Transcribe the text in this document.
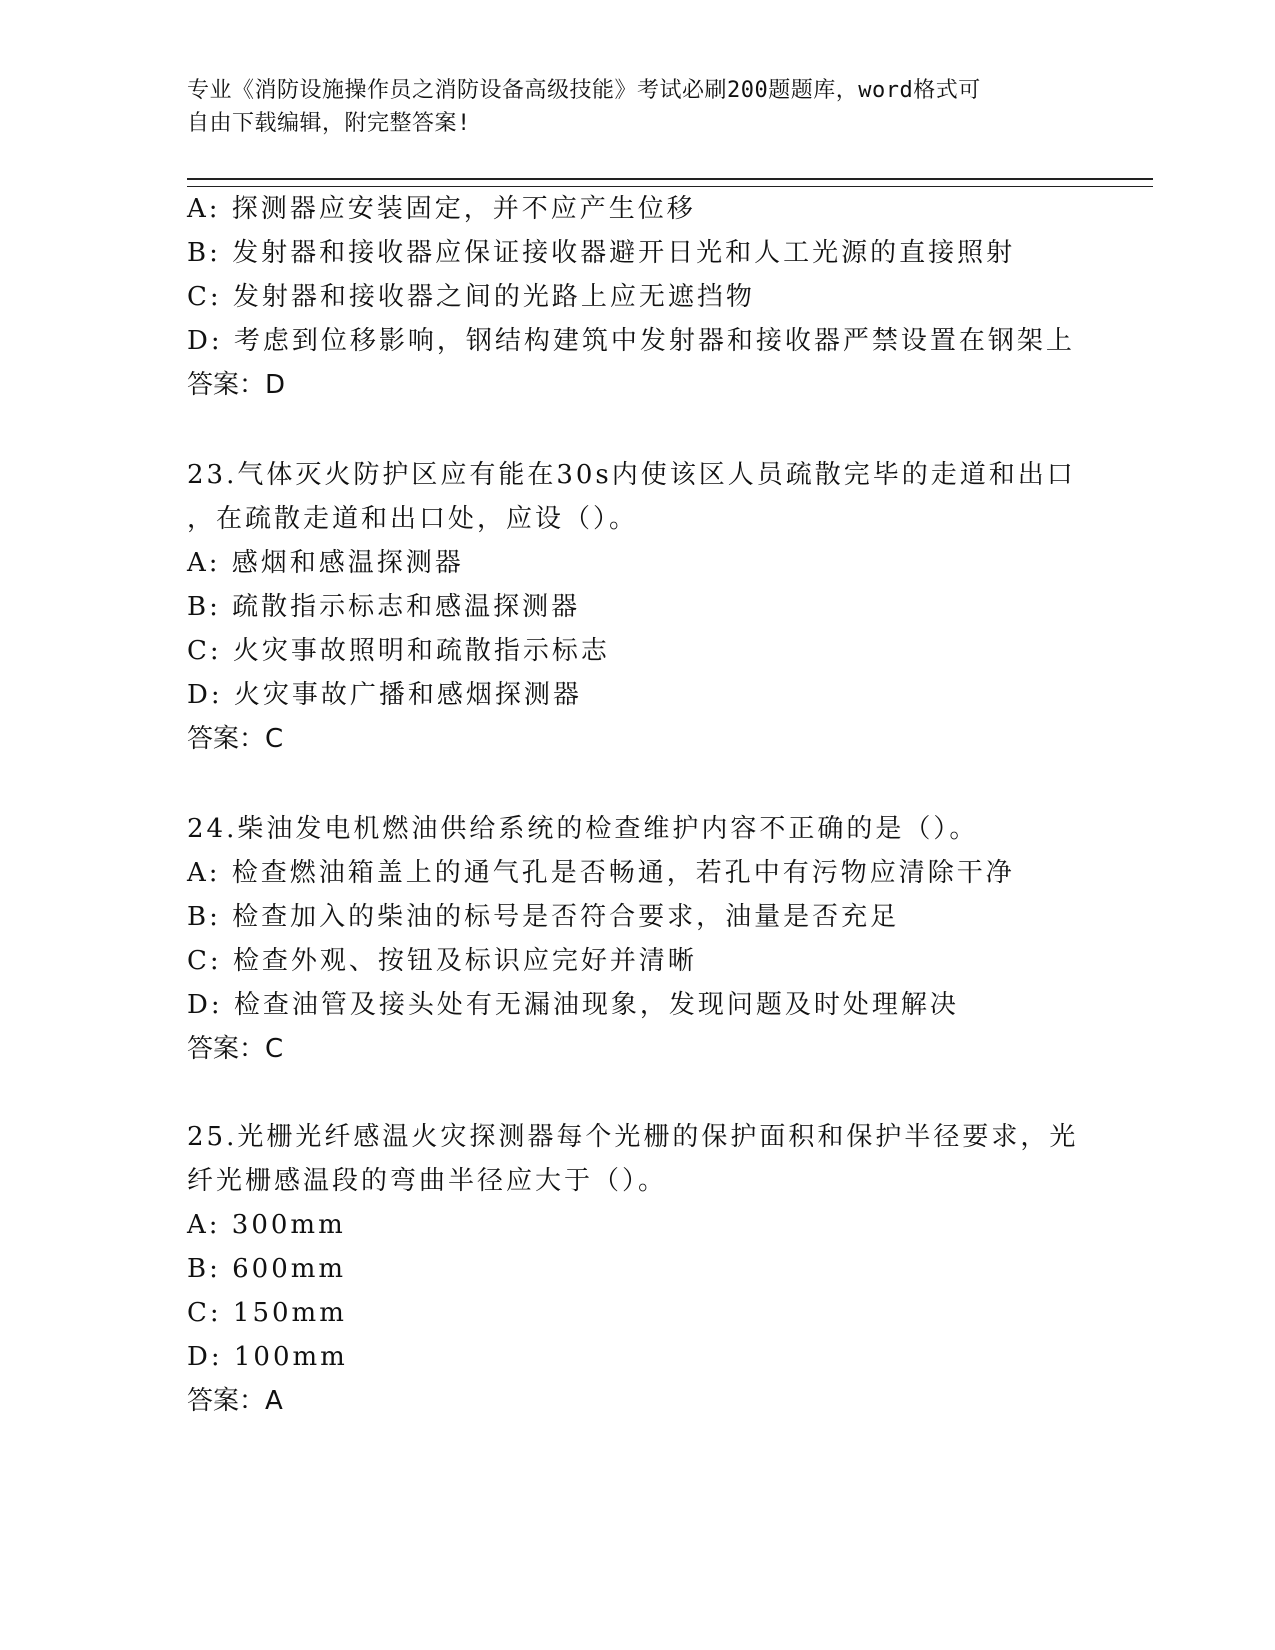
专业《消防设施操作员之消防设备高级技能》考试必刷200题题库，word格式可
自由下载编辑，附完整答案!
A: 探测器应安装固定，并不应产生位移
B: 发射器和接收器应保证接收器避开日光和人工光源的直接照射
C: 发射器和接收器之间的光路上应无遮挡物
D: 考虑到位移影响，钢结构建筑中发射器和接收器严禁设置在钢架上
答案：D
23.气体灭火防护区应有能在30s内使该区人员疏散完毕的走道和出口
，在疏散走道和出口处，应设（）。
A: 感烟和感温探测器
B: 疏散指示标志和感温探测器
C: 火灾事故照明和疏散指示标志
D: 火灾事故广播和感烟探测器
答案：C
24.柴油发电机燃油供给系统的检查维护内容不正确的是（）。
A: 检查燃油箱盖上的通气孔是否畅通，若孔中有污物应清除干净
B: 检查加入的柴油的标号是否符合要求，油量是否充足
C: 检查外观、按钮及标识应完好并清晰
D: 检查油管及接头处有无漏油现象，发现问题及时处理解决
答案：C
25.光栅光纤感温火灾探测器每个光栅的保护面积和保护半径要求，光
纤光栅感温段的弯曲半径应大于（）。
A: 300mm
B: 600mm
C: 150mm
D: 100mm
答案：A
